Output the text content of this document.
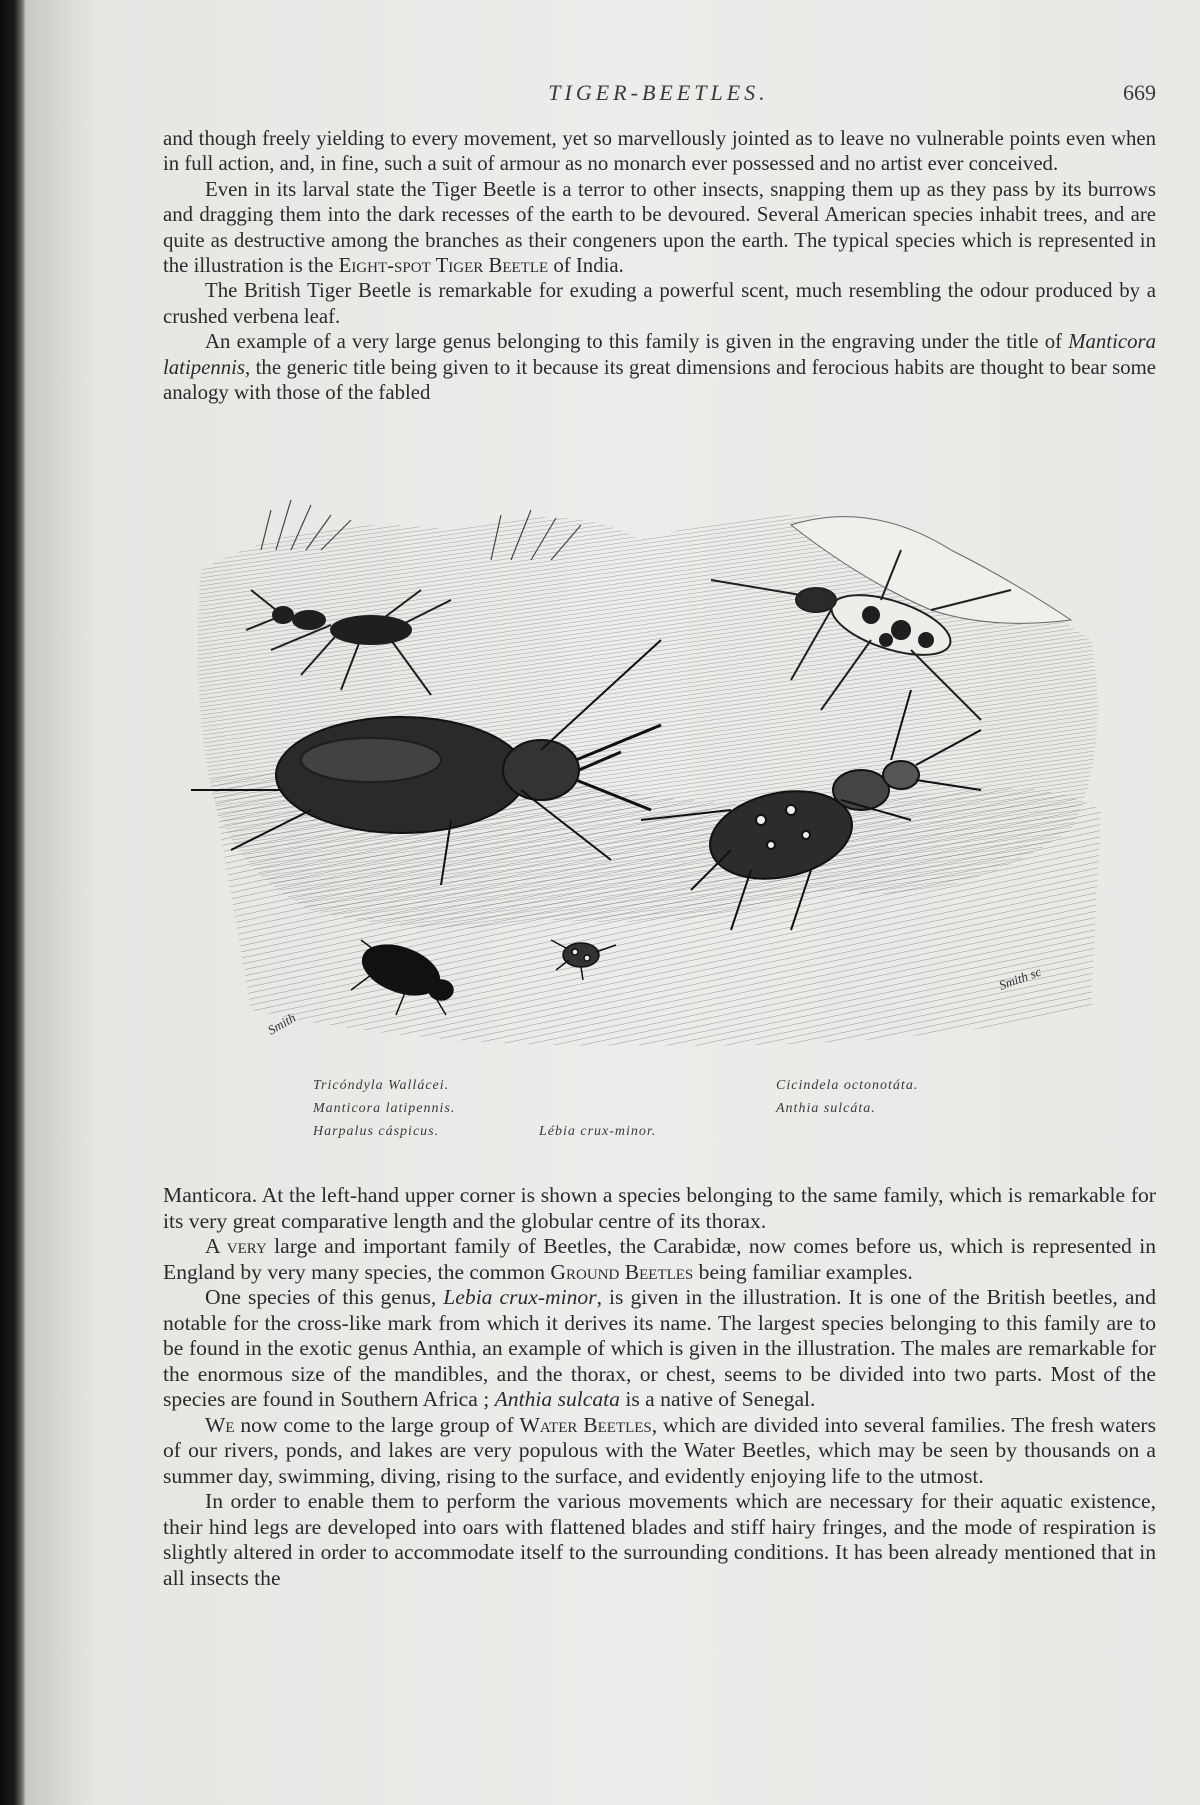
TIGER-BEETLES.	669

and though freely yielding to every movement, yet so marvellously jointed as to leave no vulnerable points even when in full action, and, in fine, such a suit of armour as no monarch ever possessed and no artist ever conceived.

Even in its larval state the Tiger Beetle is a terror to other insects, snapping them up as they pass by its burrows and dragging them into the dark recesses of the earth to be devoured. Several American species inhabit trees, and are quite as destructive among the branches as their congeners upon the earth. The typical species which is represented in the illustration is the Eight-spot Tiger Beetle of India.

The British Tiger Beetle is remarkable for exuding a powerful scent, much resembling the odour produced by a crushed verbena leaf.

An example of a very large genus belonging to this family is given in the engraving under the title of Manticora latipennis, the generic title being given to it because its great dimensions and ferocious habits are thought to bear some analogy with those of the fabled

Smith
Smith sc
Tricóndyla Wallácei.
Manticora latipennis.
Harpalus cáspicus.	Lébia crux-minor.
Cicindela octonotáta.
Anthia sulcáta.

Manticora. At the left-hand upper corner is shown a species belonging to the same family, which is remarkable for its very great comparative length and the globular centre of its thorax.

A very large and important family of Beetles, the Carabidæ, now comes before us, which is represented in England by very many species, the common Ground Beetles being familiar examples.

One species of this genus, Lebia crux-minor, is given in the illustration. It is one of the British beetles, and notable for the cross-like mark from which it derives its name. The largest species belonging to this family are to be found in the exotic genus Anthia, an example of which is given in the illustration. The males are remarkable for the enormous size of the mandibles, and the thorax, or chest, seems to be divided into two parts. Most of the species are found in Southern Africa ; Anthia sulcata is a native of Senegal.

We now come to the large group of Water Beetles, which are divided into several families. The fresh waters of our rivers, ponds, and lakes are very populous with the Water Beetles, which may be seen by thousands on a summer day, swimming, diving, rising to the surface, and evidently enjoying life to the utmost.

In order to enable them to perform the various movements which are necessary for their aquatic existence, their hind legs are developed into oars with flattened blades and stiff hairy fringes, and the mode of respiration is slightly altered in order to accommodate itself to the surrounding conditions. It has been already mentioned that in all insects the
